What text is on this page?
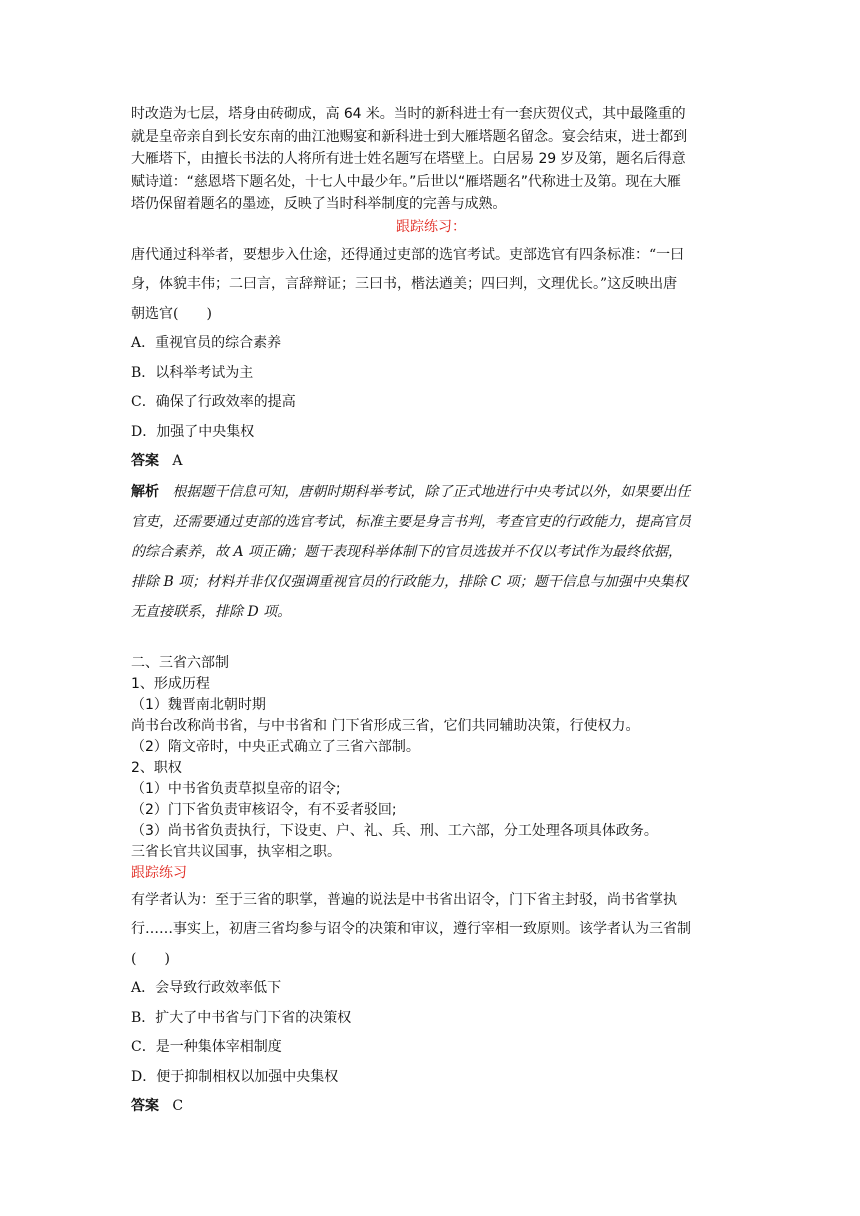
时改造为七层，塔身由砖砌成，高 64 米。当时的新科进士有一套庆贺仪式，其中最隆重的

就是皇帝亲自到长安东南的曲江池赐宴和新科进士到大雁塔题名留念。宴会结束，进士都到

大雁塔下，由擅长书法的人将所有进士姓名题写在塔壁上。白居易 29 岁及第，题名后得意

赋诗道：“慈恩塔下题名处，十七人中最少年。”后世以“雁塔题名”代称进士及第。现在大雁

塔仍保留着题名的墨迹，反映了当时科举制度的完善与成熟。

跟踪练习：

唐代通过科举者，要想步入仕途，还得通过吏部的选官考试。吏部选官有四条标准：“一曰

身，体貌丰伟；二曰言，言辞辩证；三曰书，楷法遒美；四曰判，文理优长。”这反映出唐

朝选官(　　)

A．重视官员的综合素养

B．以科举考试为主

C．确保了行政效率的提高

D．加强了中央集权

答案 A

解析 根据题干信息可知，唐朝时期科举考试，除了正式地进行中央考试以外，如果要出任

官吏，还需要通过吏部的选官考试，标准主要是身言书判，考查官吏的行政能力，提高官员

的综合素养，故 A 项正确；题干表现科举体制下的官员选拔并不仅以考试作为最终依据，

排除 B 项；材料并非仅仅强调重视官员的行政能力，排除 C 项；题干信息与加强中央集权

无直接联系，排除 D 项。

二、三省六部制

1、形成历程

（1）魏晋南北朝时期

尚书台改称尚书省，与中书省和 门下省形成三省，它们共同辅助决策，行使权力。

（2）隋文帝时，中央正式确立了三省六部制。

2、职权

（1）中书省负责草拟皇帝的诏令;

（2）门下省负责审核诏令，有不妥者驳回;

（3）尚书省负责执行，下设吏、户、礼、兵、刑、工六部，分工处理各项具体政务。

三省长官共议国事，执宰相之职。

跟踪练习

有学者认为：至于三省的职掌，普遍的说法是中书省出诏令，门下省主封驳，尚书省掌执

行……事实上，初唐三省均参与诏令的决策和审议，遵行宰相一致原则。该学者认为三省制

(　　)

A．会导致行政效率低下

B．扩大了中书省与门下省的决策权

C．是一种集体宰相制度

D．便于抑制相权以加强中央集权

答案 C
